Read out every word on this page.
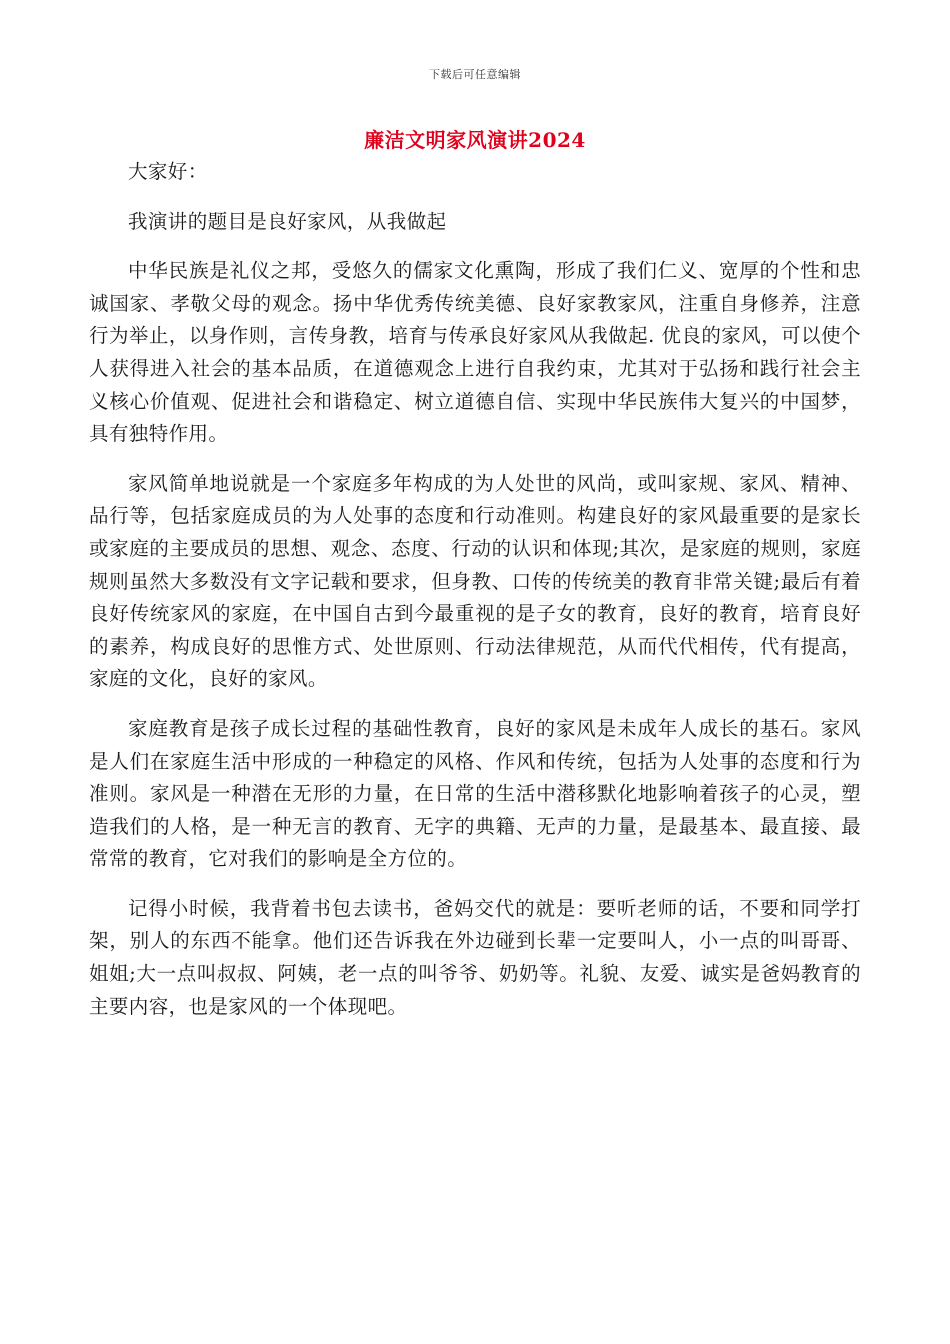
下载后可任意编辑
廉洁文明家风演讲2024

大家好：

我演讲的题目是良好家风，从我做起

中华民族是礼仪之邦，受悠久的儒家文化熏陶，形成了我们仁义、宽厚的个性和忠诚国家、孝敬父母的观念。扬中华优秀传统美德、良好家教家风，注重自身修养，注意行为举止，以身作则，言传身教，培育与传承良好家风从我做起. 优良的家风，可以使个人获得进入社会的基本品质，在道德观念上进行自我约束，尤其对于弘扬和践行社会主义核心价值观、促进社会和谐稳定、树立道德自信、实现中华民族伟大复兴的中国梦，具有独特作用。

家风简单地说就是一个家庭多年构成的为人处世的风尚，或叫家规、家风、精神、品行等，包括家庭成员的为人处事的态度和行动准则。构建良好的家风最重要的是家长或家庭的主要成员的思想、观念、态度、行动的认识和体现;其次，是家庭的规则，家庭规则虽然大多数没有文字记载和要求，但身教、口传的传统美的教育非常关键;最后有着良好传统家风的家庭，在中国自古到今最重视的是子女的教育，良好的教育，培育良好的素养，构成良好的思惟方式、处世原则、行动法律规范，从而代代相传，代有提高，家庭的文化，良好的家风。

家庭教育是孩子成长过程的基础性教育，良好的家风是未成年人成长的基石。家风是人们在家庭生活中形成的一种稳定的风格、作风和传统，包括为人处事的态度和行为准则。家风是一种潜在无形的力量，在日常的生活中潜移默化地影响着孩子的心灵，塑造我们的人格，是一种无言的教育、无字的典籍、无声的力量，是最基本、最直接、最常常的教育，它对我们的影响是全方位的。

记得小时候，我背着书包去读书，爸妈交代的就是：要听老师的话，不要和同学打架，别人的东西不能拿。他们还告诉我在外边碰到长辈一定要叫人，小一点的叫哥哥、姐姐;大一点叫叔叔、阿姨，老一点的叫爷爷、奶奶等。礼貌、友爱、诚实是爸妈教育的主要内容，也是家风的一个体现吧。
